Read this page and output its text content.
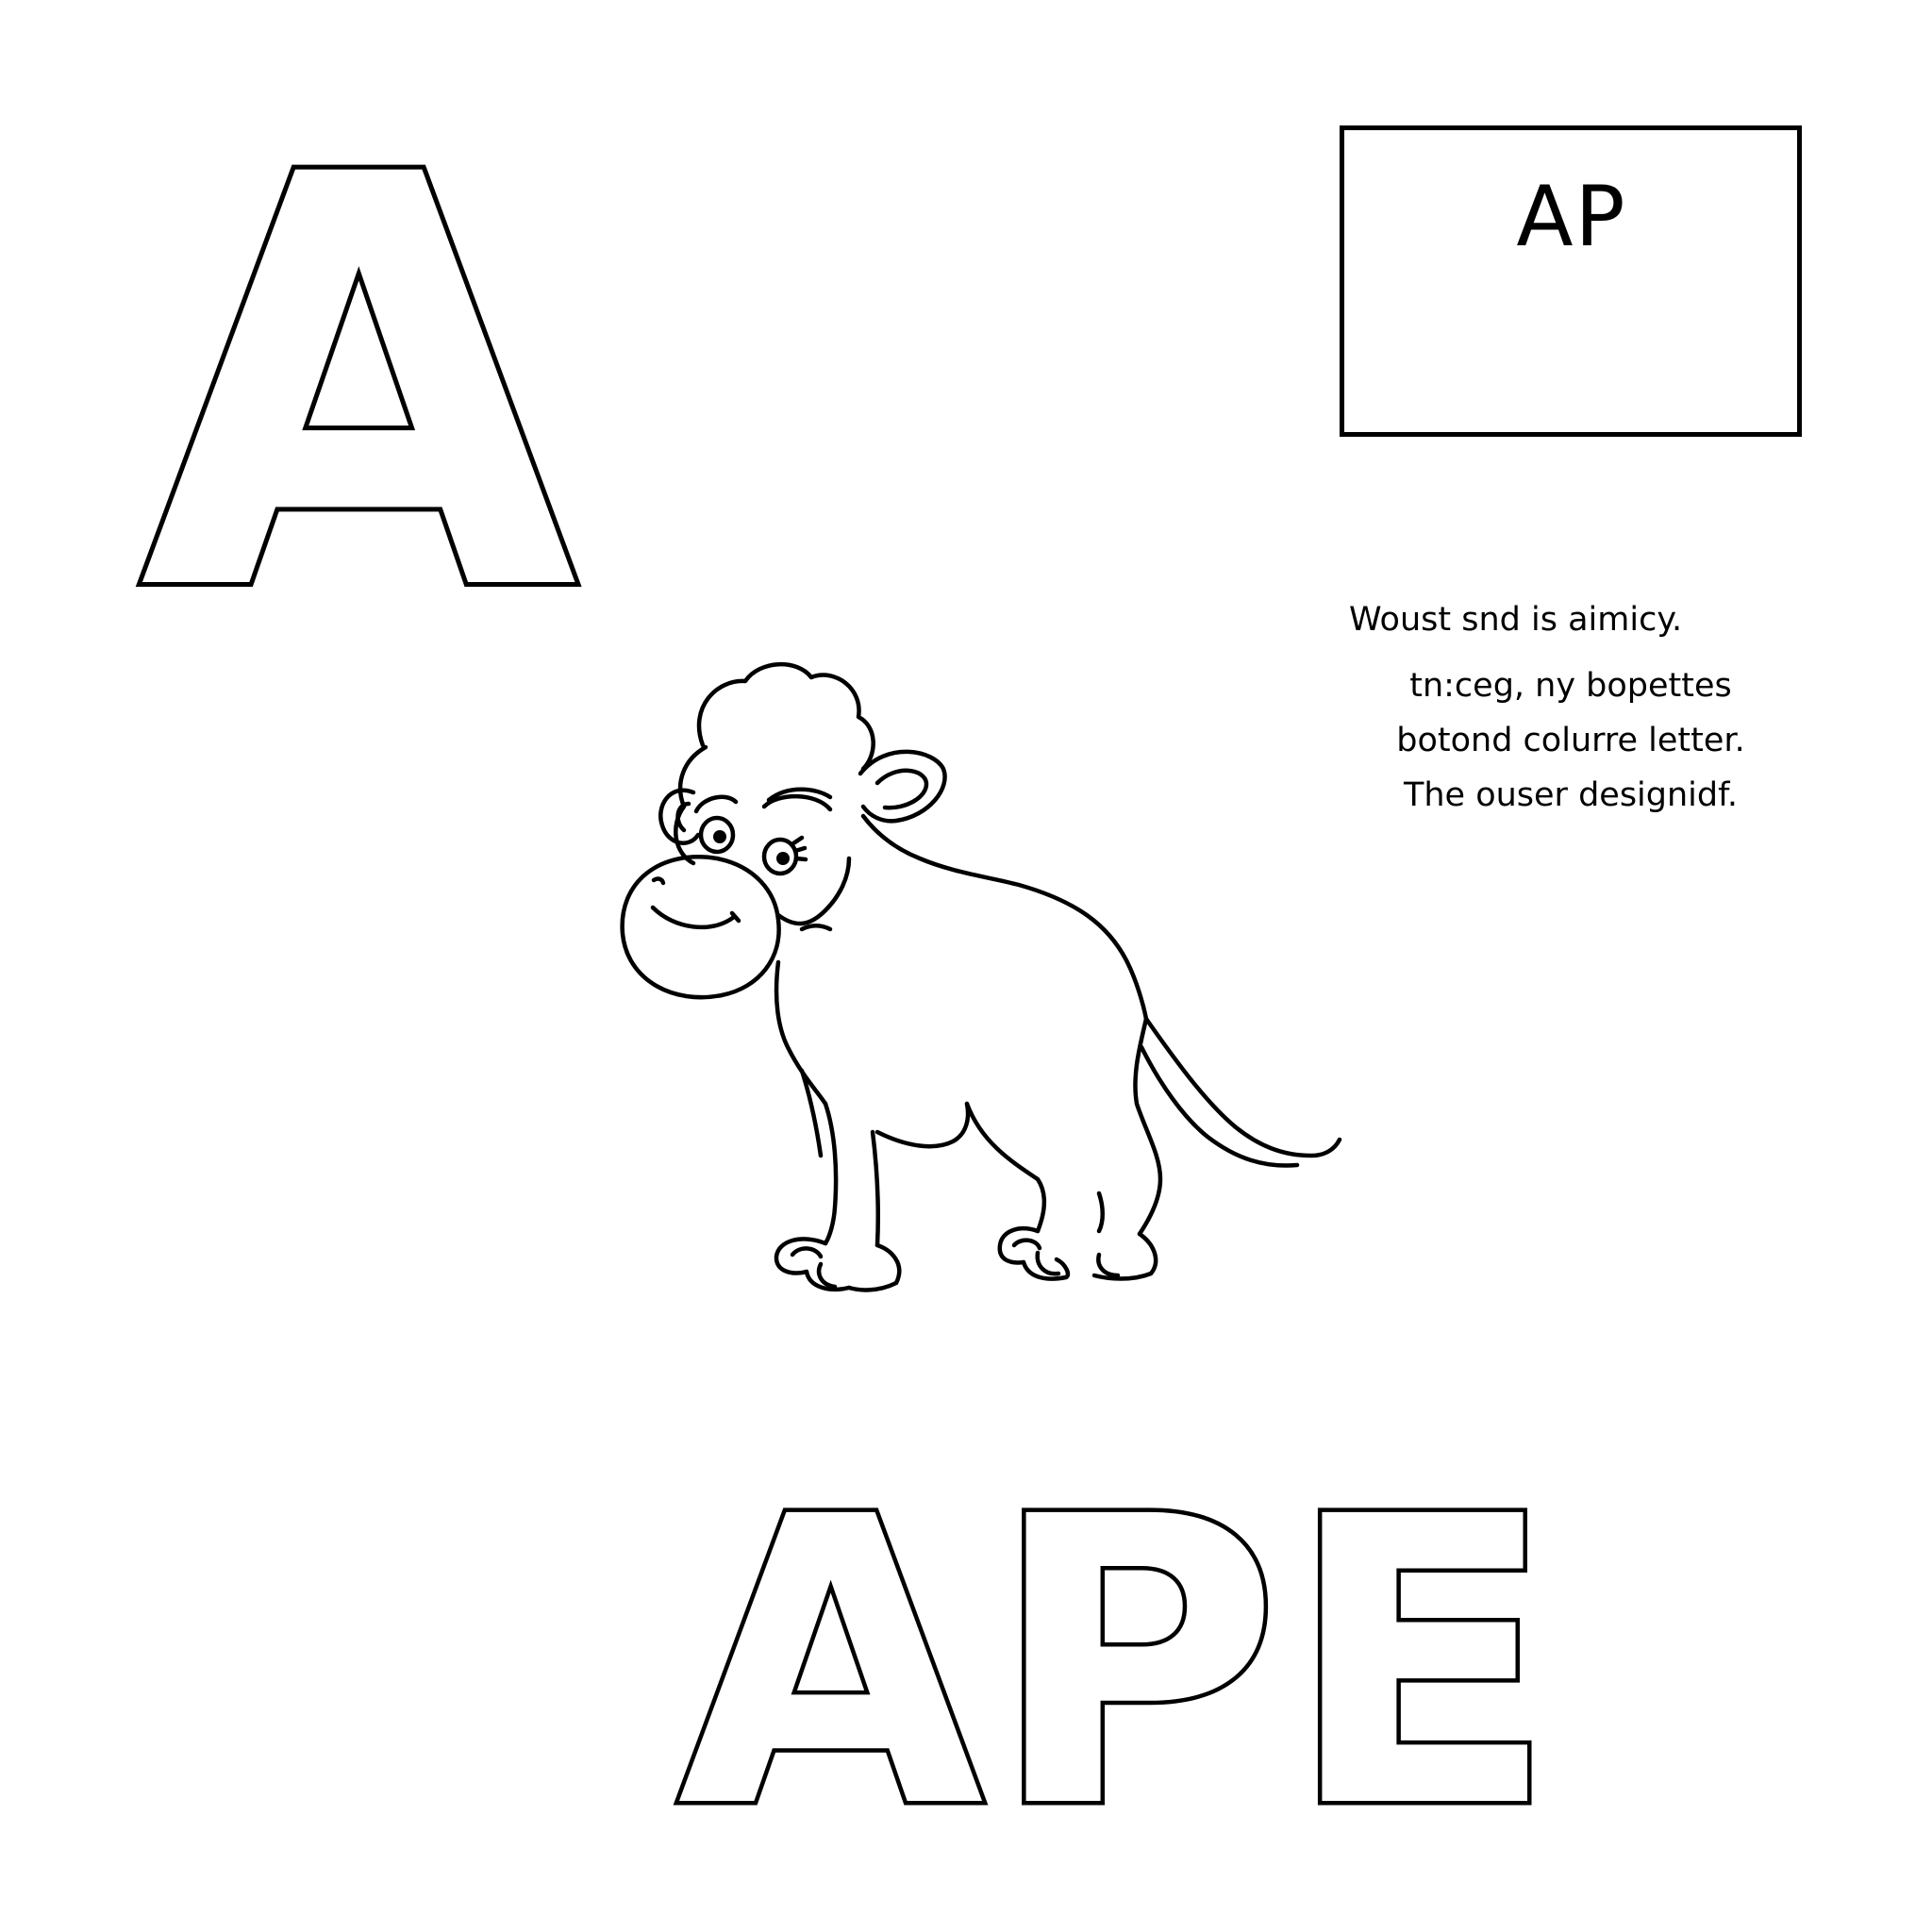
A	AP
Woust snd is aimicy.
tn:ceg, ny bopettes
botond colurre letter.
The ouser designidf.
APE
